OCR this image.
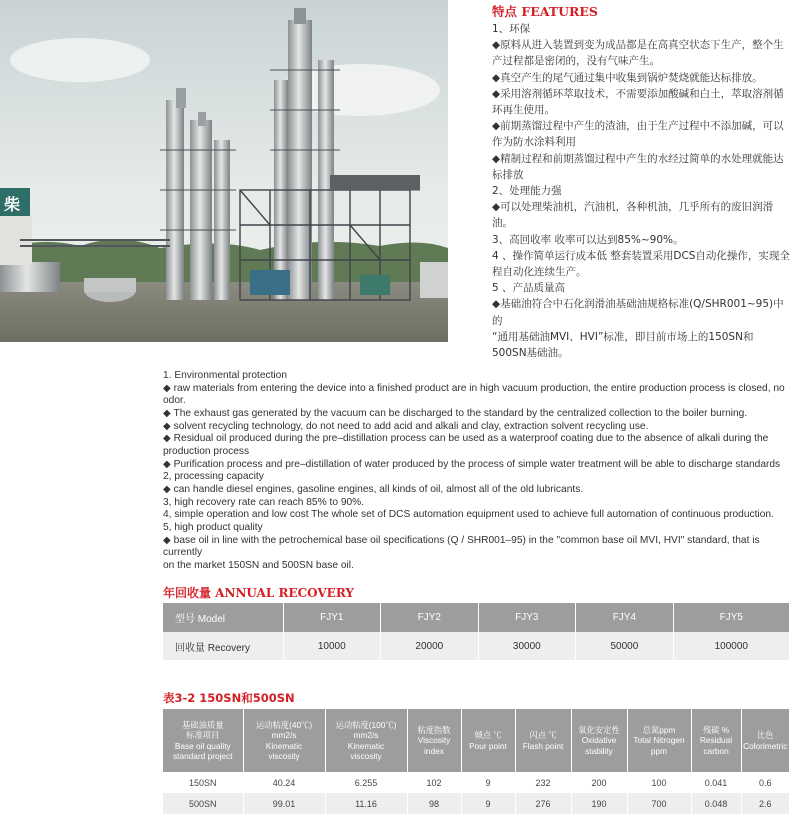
柴
特点 FEATURES
1、环保
◆原料从进入装置到变为成品都是在高真空状态下生产，整个生
产过程都是密闭的，没有气味产生。
◆真空产生的尾气通过集中收集到锅炉焚烧就能达标排放。
◆采用溶剂循环萃取技术，不需要添加酸碱和白土，萃取溶剂循
环再生使用。
◆前期蒸馏过程中产生的渣油，由于生产过程中不添加碱，可以
作为防水涂料利用
◆精制过程和前期蒸馏过程中产生的水经过简单的水处理就能达
标排放
2、处理能力强
◆可以处理柴油机，汽油机，各种机油，几乎所有的废旧润滑
油。
3、高回收率 收率可以达到85%~90%。
4 、操作简单运行成本低 整套装置采用DCS自动化操作，实现全
程自动化连续生产。
5 、产品质量高
◆基础油符合中石化润滑油基础油规格标准(Q/SHR001~95)中的
“通用基础油MVI、HVI”标准，即目前市场上的150SN和
500SN基础油。
1. Environmental protection
◆ raw materials from entering the device into a finished product are in high vacuum production, the entire production process is closed, no
odor.
◆ The exhaust gas generated by the vacuum can be discharged to the standard by the centralized collection to the boiler burning.
◆ solvent recycling technology, do not need to add acid and alkali and clay, extraction solvent recycling use.
◆ Residual oil produced during the pre–distillation process can be used as a waterproof coating due to the absence of alkali during the
production process
◆ Purification process and pre–distillation of water produced by the process of simple water treatment will be able to discharge standards
2, processing capacity
◆ can handle diesel engines, gasoline engines, all kinds of oil, almost all of the old lubricants.
3, high recovery rate can reach 85% to 90%.
4, simple operation and low cost The whole set of DCS automation equipment used to achieve full automation of continuous production.
5, high product quality
◆ base oil in line with the petrochemical base oil specifications (Q / SHR001–95) in the "common base oil MVI, HVI" standard, that is currently
on the market 150SN and 500SN base oil.
年回收量 ANNUAL RECOVERY
型号 Model	FJY1	FJY2	FJY3	FJY4	FJY5
回收量 Recovery	10000	20000	30000	50000	100000
表3-2 150SN和500SN
基础油质量
标准项目
Base oil quality
standard project	运动粘度(40℃)
mm2/s
Kinematic
viscosity	运动粘度(100℃)
mm2/s
Kinematic
viscosity	粘度指数
Viscosity
index	倾点 ℃
Pour point	闪点 ℃
Flash point	氧化安定性
Oxidative
stability	总氮ppm
Total Nitrogen
ppm	残碳 %
Residual
carbon	比色
Colorimetric

150SN	40.24	6.255	102	9	232	200	100	0.041	0.6
500SN	99.01	11.16	98	9	276	190	700	0.048	2.6
